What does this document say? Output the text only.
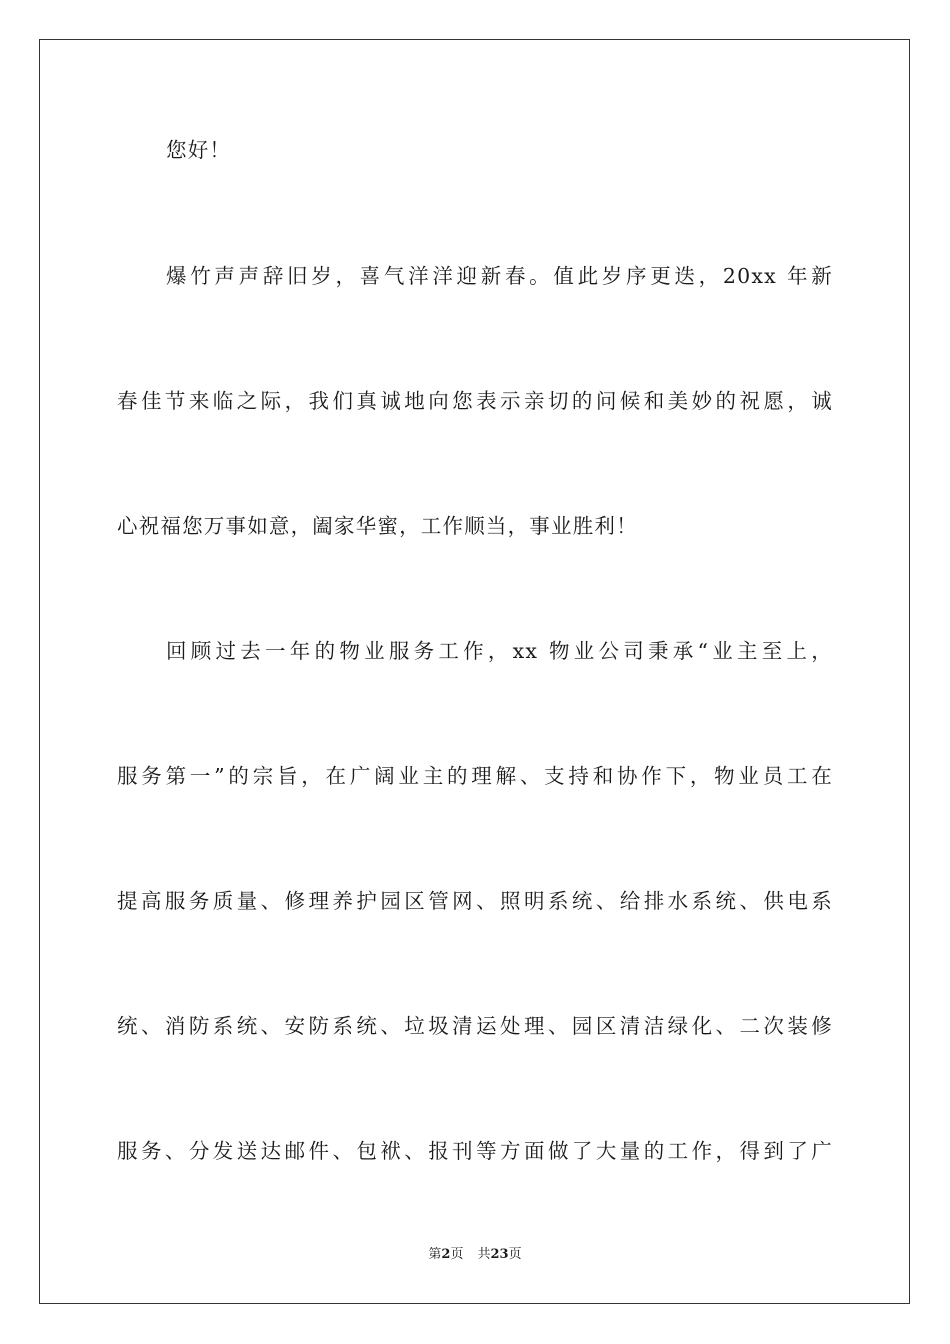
您好！
爆竹声声辞旧岁，喜气洋洋迎新春。值此岁序更迭，20xx 年新
春佳节来临之际，我们真诚地向您表示亲切的问候和美妙的祝愿，诚
心祝福您万事如意，阖家华蜜，工作顺当，事业胜利！
回顾过去一年的物业服务工作，xx 物业公司秉承“业主至上，
服务第一”的宗旨，在广阔业主的理解、支持和协作下，物业员工在
提高服务质量、修理养护园区管网、照明系统、给排水系统、供电系
统、消防系统、安防系统、垃圾清运处理、园区清洁绿化、二次装修
服务、分发送达邮件、包袱、报刊等方面做了大量的工作，得到了广
第2页 共23页
